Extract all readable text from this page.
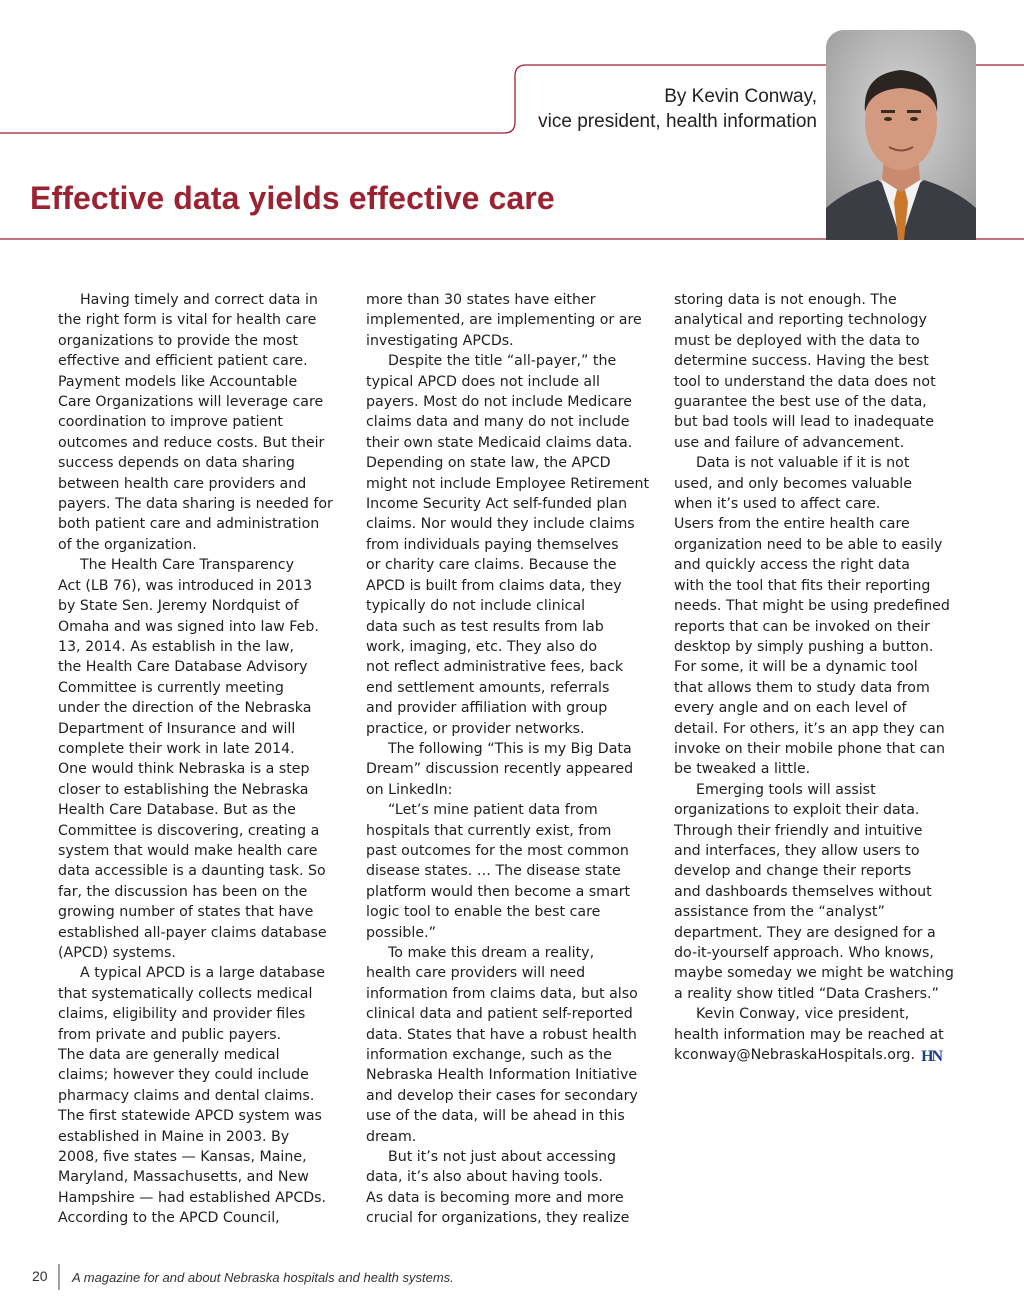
By Kevin Conway,
vice president, health information
Effective data yields effective care

Having timely and correct data in

the right form is vital for health care

organizations to provide the most

effective and efficient patient care.

Payment models like Accountable

Care Organizations will leverage care

coordination to improve patient

outcomes and reduce costs. But their

success depends on data sharing

between health care providers and

payers. The data sharing is needed for

both patient care and administration

of the organization.

The Health Care Transparency

Act (LB 76), was introduced in 2013

by State Sen. Jeremy Nordquist of

Omaha and was signed into law Feb.

13, 2014. As establish in the law,

the Health Care Database Advisory

Committee is currently meeting

under the direction of the Nebraska

Department of Insurance and will

complete their work in late 2014.

One would think Nebraska is a step

closer to establishing the Nebraska

Health Care Database. But as the

Committee is discovering, creating a

system that would make health care

data accessible is a daunting task. So

far, the discussion has been on the

growing number of states that have

established all-payer claims database

(APCD) systems.

A typical APCD is a large database

that systematically collects medical

claims, eligibility and provider files

from private and public payers.

The data are generally medical

claims; however they could include

pharmacy claims and dental claims.

The first statewide APCD system was

established in Maine in 2003. By

2008, five states — Kansas, Maine,

Maryland, Massachusetts, and New

Hampshire — had established APCDs.

According to the APCD Council,

more than 30 states have either

implemented, are implementing or are

investigating APCDs.

Despite the title “all-payer,” the

typical APCD does not include all

payers. Most do not include Medicare

claims data and many do not include

their own state Medicaid claims data.

Depending on state law, the APCD

might not include Employee Retirement

Income Security Act self-funded plan

claims. Nor would they include claims

from individuals paying themselves

or charity care claims. Because the

APCD is built from claims data, they

typically do not include clinical

data such as test results from lab

work, imaging, etc. They also do

not reflect administrative fees, back

end settlement amounts, referrals

and provider affiliation with group

practice, or provider networks.

The following “This is my Big Data

Dream” discussion recently appeared

on LinkedIn:

“Let’s mine patient data from

hospitals that currently exist, from

past outcomes for the most common

disease states. … The disease state

platform would then become a smart

logic tool to enable the best care

possible.”

To make this dream a reality,

health care providers will need

information from claims data, but also

clinical data and patient self-reported

data. States that have a robust health

information exchange, such as the

Nebraska Health Information Initiative

and develop their cases for secondary

use of the data, will be ahead in this

dream.

But it’s not just about accessing

data, it’s also about having tools.

As data is becoming more and more

crucial for organizations, they realize

storing data is not enough. The

analytical and reporting technology

must be deployed with the data to

determine success. Having the best

tool to understand the data does not

guarantee the best use of the data,

but bad tools will lead to inadequate

use and failure of advancement.

Data is not valuable if it is not

used, and only becomes valuable

when it’s used to affect care.

Users from the entire health care

organization need to be able to easily

and quickly access the right data

with the tool that fits their reporting

needs. That might be using predefined

reports that can be invoked on their

desktop by simply pushing a button.

For some, it will be a dynamic tool

that allows them to study data from

every angle and on each level of

detail. For others, it’s an app they can

invoke on their mobile phone that can

be tweaked a little.

Emerging tools will assist

organizations to exploit their data.

Through their friendly and intuitive

and interfaces, they allow users to

develop and change their reports

and dashboards themselves without

assistance from the “analyst”

department. They are designed for a

do-it-yourself approach. Who knows,

maybe someday we might be watching

a reality show titled “Data Crashers.”

Kevin Conway, vice president,

health information may be reached at

kconway@NebraskaHospitals.org. HN

20 A magazine for and about Nebraska hospitals and health systems.
